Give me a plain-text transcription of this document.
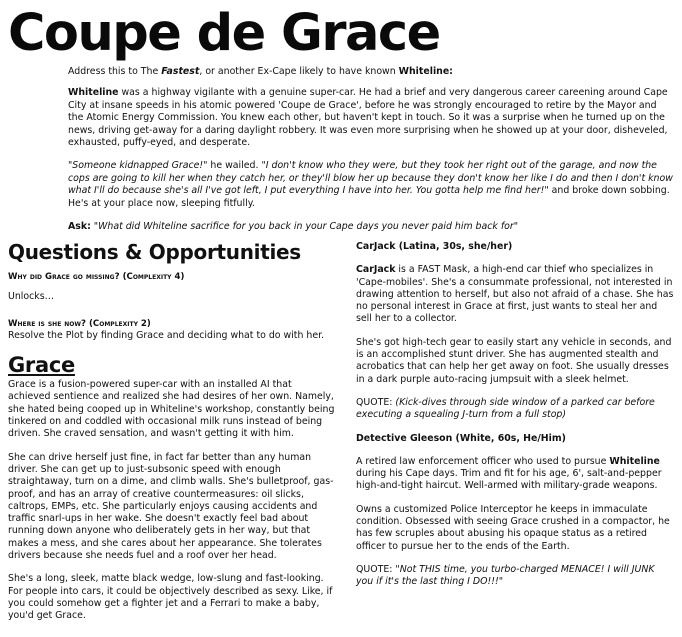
Coupe de Grace

Address this to The Fastest, or another Ex-Cape likely to have known Whiteline:

Whiteline was a highway vigilante with a genuine super-car. He had a brief and very dangerous career careening around Cape City at insane speeds in his atomic powered 'Coupe de Grace', before he was strongly encouraged to retire by the Mayor and the Atomic Energy Commission. You knew each other, but haven't kept in touch. So it was a surprise when he turned up on the news, driving get-away for a daring daylight robbery. It was even more surprising when he showed up at your door, disheveled, exhausted, puffy-eyed, and desperate.

"Someone kidnapped Grace!" he wailed. "I don't know who they were, but they took her right out of the garage, and now the cops are going to kill her when they catch her, or they'll blow her up because they don't know her like I do and then I don't know what I'll do because she's all I've got left, I put everything I have into her. You gotta help me find her!" and broke down sobbing. He's at your place now, sleeping fitfully.

Ask: "What did Whiteline sacrifice for you back in your Cape days you never paid him back for"

Questions & Opportunities
Why did Grace go missing? (Complexity 4)
Unlocks…
Where is she now? (Complexity 2)
Resolve the Plot by finding Grace and deciding what to do with her.
Grace
Grace is a fusion-powered super-car with an installed AI that achieved sentience and realized she had desires of her own. Namely, she hated being cooped up in Whiteline's workshop, constantly being tinkered on and coddled with occasional milk runs instead of being driven. She craved sensation, and wasn't getting it with him.
She can drive herself just fine, in fact far better than any human driver. She can get up to just-subsonic speed with enough straightaway, turn on a dime, and climb walls. She's bulletproof, gas-proof, and has an array of creative countermeasures: oil slicks, caltrops, EMPs, etc. She particularly enjoys causing accidents and traffic snarl-ups in her wake. She doesn't exactly feel bad about running down anyone who deliberately gets in her way, but that makes a mess, and she cares about her appearance. She tolerates drivers because she needs fuel and a roof over her head.
She's a long, sleek, matte black wedge, low-slung and fast-looking. For people into cars, it could be objectively described as sexy. Like, if you could somehow get a fighter jet and a Ferrari to make a baby, you'd get Grace.
CarJack (Latina, 30s, she/her)
CarJack is a FAST Mask, a high-end car thief who specializes in 'Cape-mobiles'. She's a consummate professional, not interested in drawing attention to herself, but also not afraid of a chase. She has no personal interest in Grace at first, just wants to steal her and sell her to a collector.
She's got high-tech gear to easily start any vehicle in seconds, and is an accomplished stunt driver. She has augmented stealth and acrobatics that can help her get away on foot. She usually dresses in a dark purple auto-racing jumpsuit with a sleek helmet.
QUOTE: (Kick-dives through side window of a parked car before executing a squealing J-turn from a full stop)
Detective Gleeson (White, 60s, He/Him)
A retired law enforcement officer who used to pursue Whiteline during his Cape days. Trim and fit for his age, 6', salt-and-pepper high-and-tight haircut. Well-armed with military-grade weapons.
Owns a customized Police Interceptor he keeps in immaculate condition. Obsessed with seeing Grace crushed in a compactor, he has few scruples about abusing his opaque status as a retired officer to pursue her to the ends of the Earth.
QUOTE: "Not THIS time, you turbo-charged MENACE! I will JUNK you if it's the last thing I DO!!!"
